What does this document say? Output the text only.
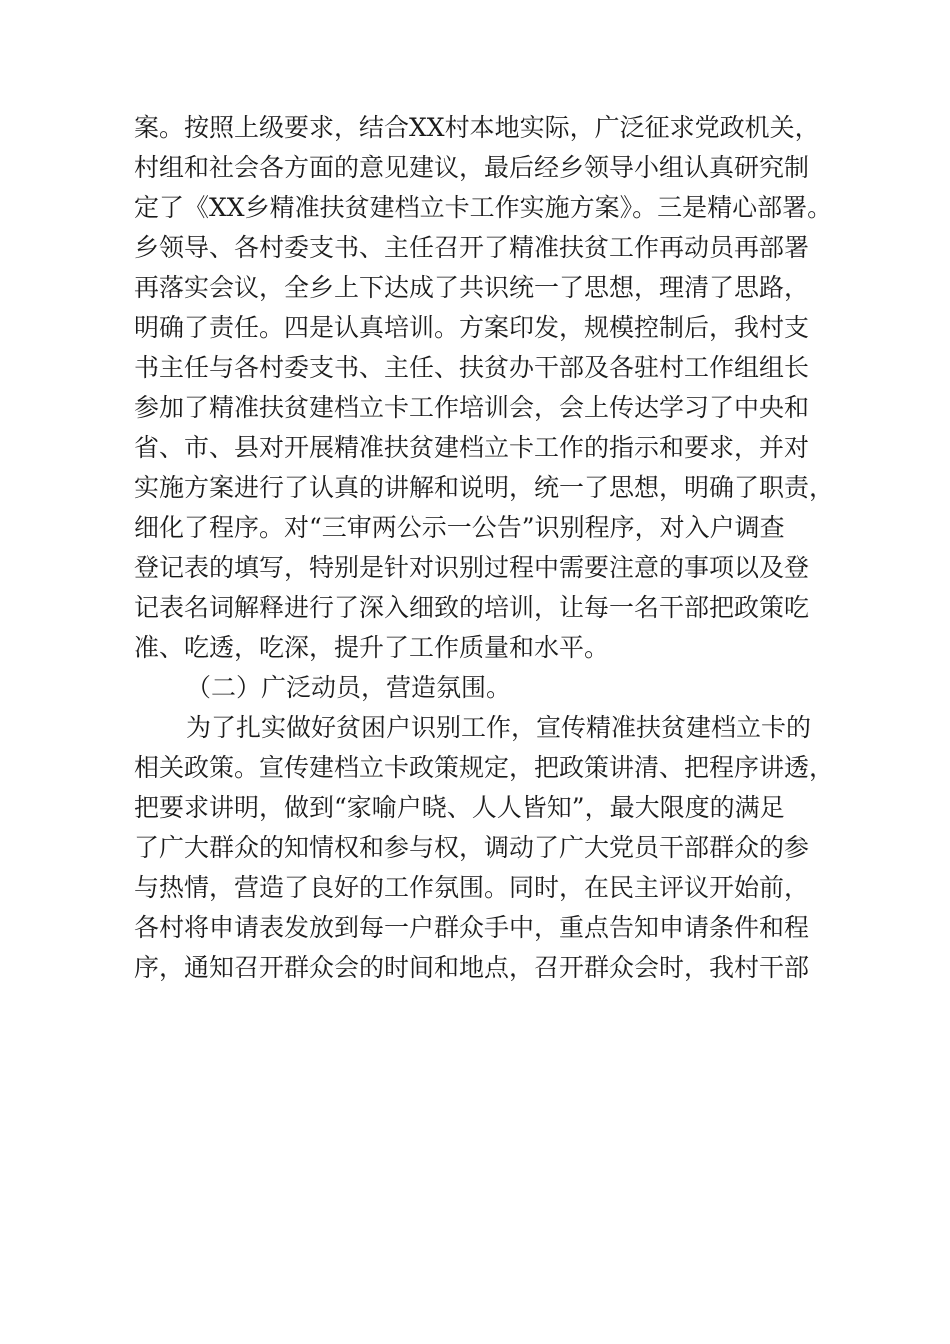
案。按照上级要求，结合XX村本地实际，广泛征求党政机关，
村组和社会各方面的意见建议，最后经乡领导小组认真研究制
定了《XX乡精准扶贫建档立卡工作实施方案》。三是精心部署。
乡领导、各村委支书、主任召开了精准扶贫工作再动员再部署
再落实会议，全乡上下达成了共识统一了思想，理清了思路，
明确了责任。四是认真培训。方案印发，规模控制后，我村支
书主任与各村委支书、主任、扶贫办干部及各驻村工作组组长
参加了精准扶贫建档立卡工作培训会，会上传达学习了中央和
省、市、县对开展精准扶贫建档立卡工作的指示和要求，并对
实施方案进行了认真的讲解和说明，统一了思想，明确了职责，
细化了程序。对“三审两公示一公告”识别程序，对入户调查
登记表的填写，特别是针对识别过程中需要注意的事项以及登
记表名词解释进行了深入细致的培训，让每一名干部把政策吃
准、吃透，吃深，提升了工作质量和水平。
（二）广泛动员，营造氛围。
为了扎实做好贫困户识别工作，宣传精准扶贫建档立卡的
相关政策。宣传建档立卡政策规定，把政策讲清、把程序讲透，
把要求讲明，做到“家喻户晓、人人皆知”，最大限度的满足
了广大群众的知情权和参与权，调动了广大党员干部群众的参
与热情，营造了良好的工作氛围。同时，在民主评议开始前，
各村将申请表发放到每一户群众手中，重点告知申请条件和程
序，通知召开群众会的时间和地点，召开群众会时，我村干部
